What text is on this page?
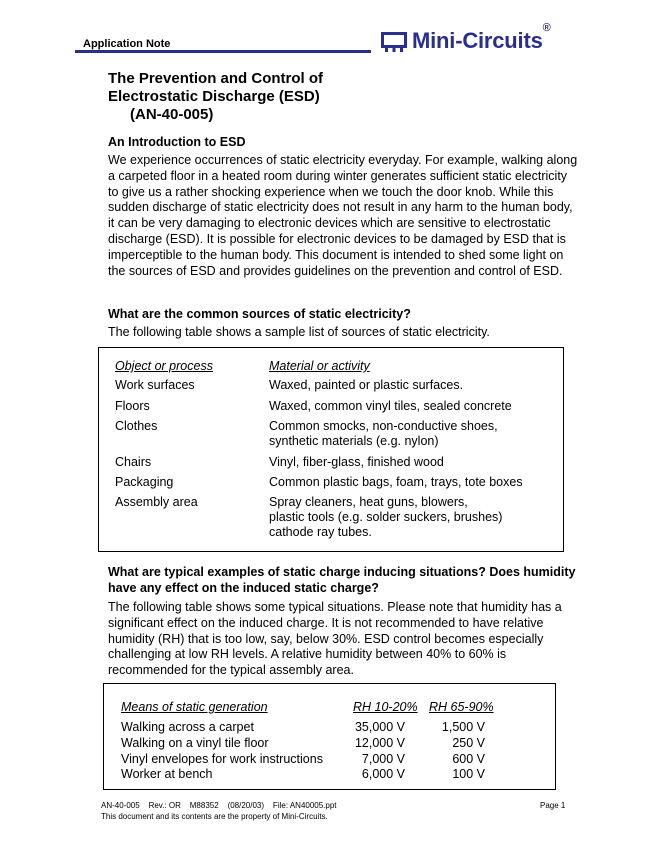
Application Note	Mini-Circuits®
The Prevention and Control of
Electrostatic Discharge (ESD)
(AN-40-005)
An Introduction to ESD
We experience occurrences of static electricity everyday. For example, walking along a carpeted floor in a heated room during winter generates sufficient static electricity to give us a rather shocking experience when we touch the door knob. While this sudden discharge of static electricity does not result in any harm to the human body, it can be very damaging to electronic devices which are sensitive to electrostatic discharge (ESD). It is possible for electronic devices to be damaged by ESD that is imperceptible to the human body. This document is intended to shed some light on the sources of ESD and provides guidelines on the prevention and control of ESD.
What are the common sources of static electricity?
The following table shows a sample list of sources of static electricity.
Object or process	Material or activity
Work surfaces	Waxed, painted or plastic surfaces.
Floors	Waxed, common vinyl tiles, sealed concrete
Clothes	Common smocks, non-conductive shoes,
synthetic materials (e.g. nylon)
Chairs	Vinyl, fiber-glass, finished wood
Packaging	Common plastic bags, foam, trays, tote boxes
Assembly area	Spray cleaners, heat guns, blowers,
plastic tools (e.g. solder suckers, brushes)
cathode ray tubes.
What are typical examples of static charge inducing situations? Does humidity have any effect on the induced static charge?
The following table shows some typical situations. Please note that humidity has a significant effect on the induced charge. It is not recommended to have relative humidity (RH) that is too low, say, below 30%. ESD control becomes especially challenging at low RH levels. A relative humidity between 40% to 60% is recommended for the typical assembly area.
Means of static generation	RH 10-20% RH 65-90%
Walking across a carpet	35,000 V	1,500 V
Walking on a vinyl tile floor	12,000 V	250 V
Vinyl envelopes for work instructions	7,000 V	600 V
Worker at bench	6,000 V	100 V
AN-40-005    Rev.: OR    M88352    (08/20/03)    File: AN40005.ppt	Page 1
This document and its contents are the property of Mini-Circuits.
